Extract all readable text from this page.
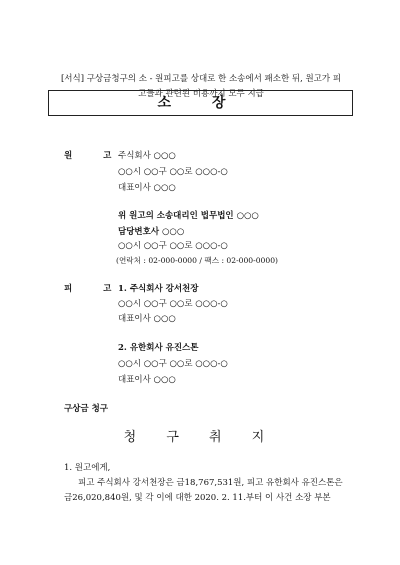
[서식] 구상금청구의 소 - 원피고를 상대로 한 소송에서 패소한 뒤, 원고가 피
고들과 관련된 비용까지 모두 지급
소 장
원 고
주식회사 ○○○
○○시 ○○구 ○○로 ○○○-○
대표이사 ○○○
위 원고의 소송대리인 법무법인 ○○○
담당변호사 ○○○
○○시 ○○구 ○○로 ○○○-○
(연락처 : 02-000-0000 / 팩스 : 02-000-0000)
피 고
1. 주식회사 강서천장
○○시 ○○구 ○○로 ○○○-○
대표이사 ○○○
2. 유한회사 유진스톤
○○시 ○○구 ○○로 ○○○-○
대표이사 ○○○
구상금 청구
청 구 취 지
1. 원고에게,
피고 주식회사 강서천장은 금18,767,531원, 피고 유한회사 유진스톤은
금26,020,840원, 및 각 이에 대한 2020. 2. 11.부터 이 사건 소장 부본
